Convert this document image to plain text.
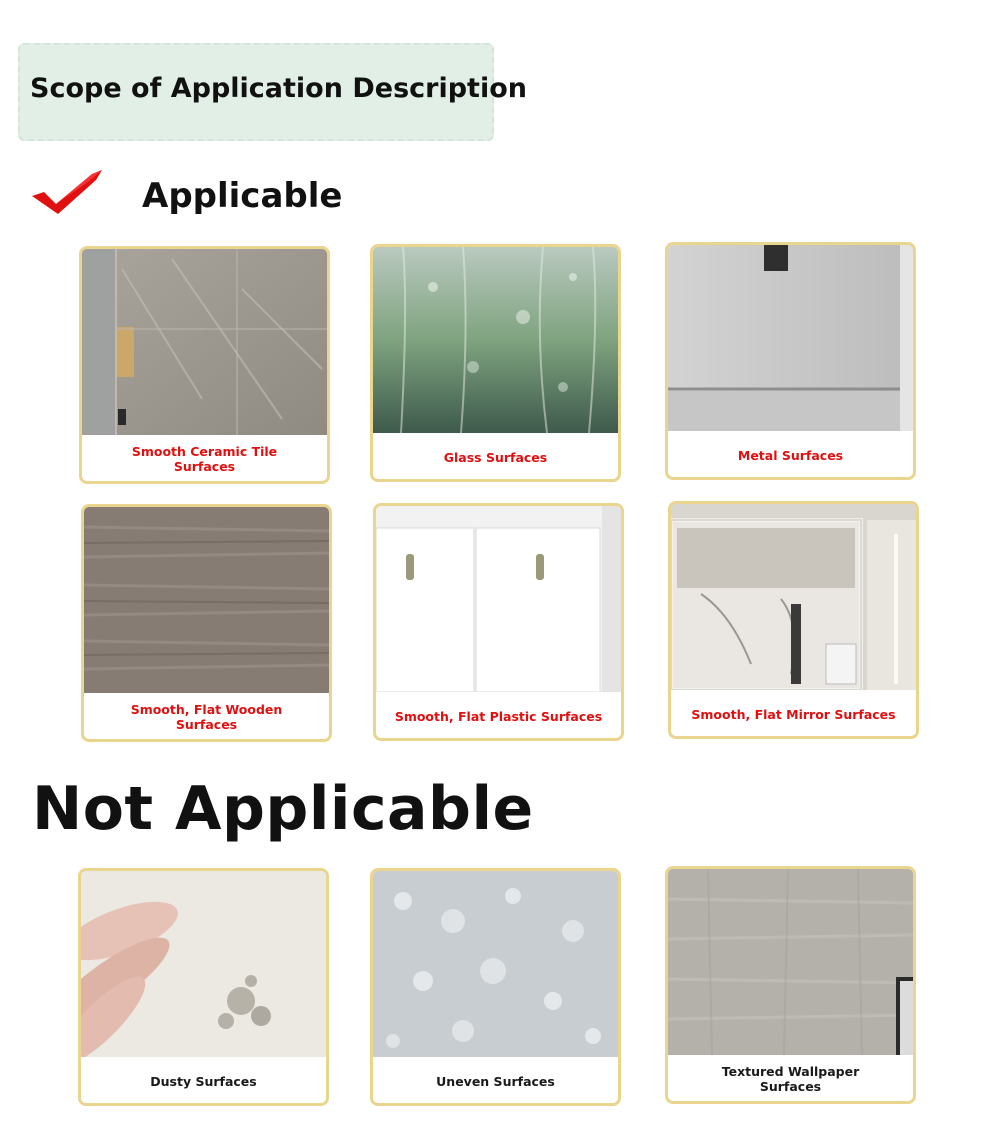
Scope of Application Description
Applicable
Smooth Ceramic Tile
Surfaces
Glass Surfaces	Metal Surfaces
Smooth, Flat Wooden
Surfaces
Smooth, Flat Plastic Surfaces	Smooth, Flat Mirror Surfaces
Not Applicable
Dusty Surfaces	Uneven Surfaces
Textured Wallpaper
Surfaces
